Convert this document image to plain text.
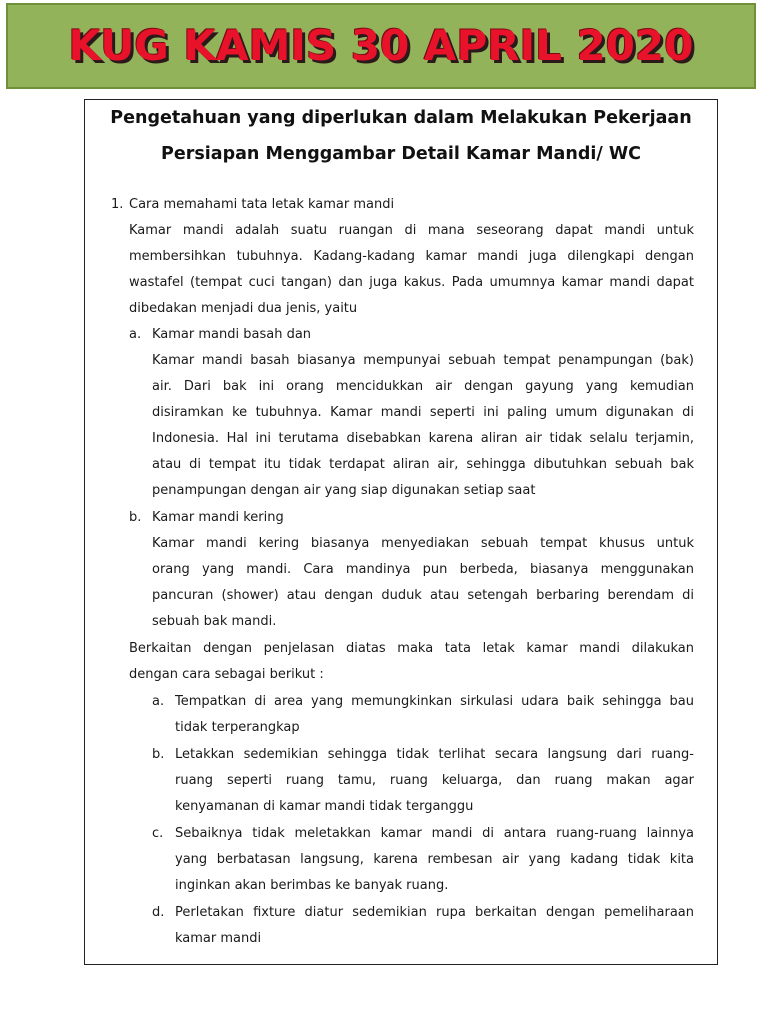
KUG KAMIS 30 APRIL 2020
Pengetahuan yang diperlukan dalam Melakukan Pekerjaan
Persiapan Menggambar Detail Kamar Mandi/ WC
1. Cara memahami tata letak kamar mandi
Kamar mandi adalah suatu ruangan di mana seseorang dapat mandi untuk
membersihkan tubuhnya. Kadang-kadang kamar mandi juga dilengkapi dengan
wastafel (tempat cuci tangan) dan juga kakus. Pada umumnya kamar mandi dapat
dibedakan menjadi dua jenis, yaitu
a. Kamar mandi basah dan
Kamar mandi basah biasanya mempunyai sebuah tempat penampungan (bak)
air. Dari bak ini orang mencidukkan air dengan gayung yang kemudian
disiramkan ke tubuhnya. Kamar mandi seperti ini paling umum digunakan di
Indonesia. Hal ini terutama disebabkan karena aliran air tidak selalu terjamin,
atau di tempat itu tidak terdapat aliran air, sehingga dibutuhkan sebuah bak
penampungan dengan air yang siap digunakan setiap saat
b. Kamar mandi kering
Kamar mandi kering biasanya menyediakan sebuah tempat khusus untuk
orang yang mandi. Cara mandinya pun berbeda, biasanya menggunakan
pancuran (shower) atau dengan duduk atau setengah berbaring berendam di
sebuah bak mandi.
Berkaitan dengan penjelasan diatas maka tata letak kamar mandi dilakukan
dengan cara sebagai berikut :
a. Tempatkan di area yang memungkinkan sirkulasi udara baik sehingga bau
tidak terperangkap
b. Letakkan sedemikian sehingga tidak terlihat secara langsung dari ruang-
ruang seperti ruang tamu, ruang keluarga, dan ruang makan agar
kenyamanan di kamar mandi tidak terganggu
c. Sebaiknya tidak meletakkan kamar mandi di antara ruang-ruang lainnya
yang berbatasan langsung, karena rembesan air yang kadang tidak kita
inginkan akan berimbas ke banyak ruang.
d. Perletakan fixture diatur sedemikian rupa berkaitan dengan pemeliharaan
kamar mandi
